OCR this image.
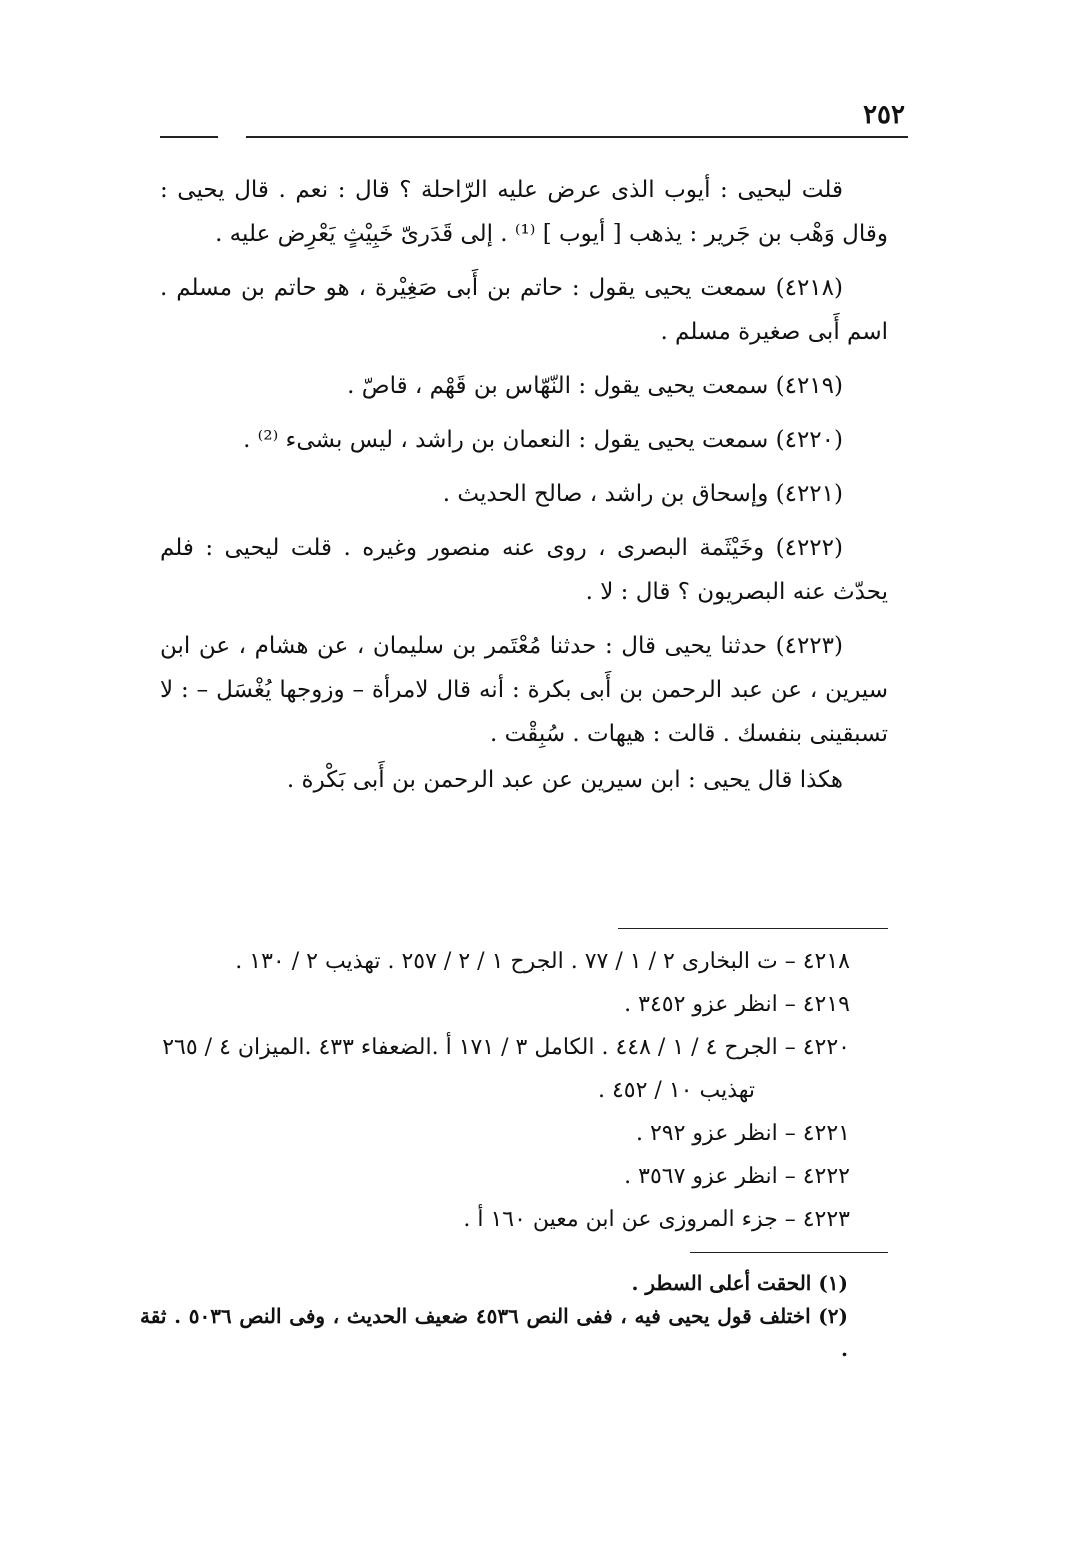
٢٥٢

قلت ليحيى : أيوب الذى عرض عليه الرّاحلة ؟ قال : نعم . قال يحيى : وقال وَهْب بن جَرير : يذهب [ أيوب ] ⁽¹⁾ . إلى قَدَرىّ خَبِيْثٍ يَعْرِض عليه .

(٤٢١٨) سمعت يحيى يقول : حاتم بن أَبى صَغِيْرة ، هو حاتم بن مسلم . اسم أَبى صغيرة مسلم .

(٤٢١٩) سمعت يحيى يقول : النّهّاس بن قَهْم ، قاصّ .

(٤٢٢٠) سمعت يحيى يقول : النعمان بن راشد ، ليس بشىء ⁽²⁾ .

(٤٢٢١) وإسحاق بن راشد ، صالح الحديث .

(٤٢٢٢) وخَيْثَمة البصرى ، روى عنه منصور وغيره . قلت ليحيى : فلم يحدّث عنه البصريون ؟ قال : لا .

(٤٢٢٣) حدثنا يحيى قال : حدثنا مُعْتَمر بن سليمان ، عن هشام ، عن ابن سيرين ، عن عبد الرحمن بن أَبى بكرة : أنه قال لامرأة – وزوجها يُغْسَل – : لا تسبقينى بنفسك . قالت : هيهات . سُبِقْت .

هكذا قال يحيى : ابن سيرين عن عبد الرحمن بن أَبى بَكْرة .

٤٢١٨ – ت البخارى ٢ / ١ / ٧٧ . الجرح ١ / ٢ / ٢٥٧ . تهذيب ٢ / ١٣٠ .
٤٢١٩ – انظر عزو ٣٤٥٢ .
٤٢٢٠ – الجرح ٤ / ١ / ٤٤٨ . الكامل ٣ / ١٧١ أ .الضعفاء ٤٣٣ .الميزان ٤ / ٢٦٥
تهذيب ١٠ / ٤٥٢ .
٤٢٢١ – انظر عزو ٢٩٢ .
٤٢٢٢ – انظر عزو ٣٥٦٧ .
٤٢٢٣ – جزء المروزى عن ابن معين ١٦٠ أ .
(١) الحقت أعلى السطر .
(٢) اختلف قول يحيى فيه ، ففى النص ٤٥٣٦ ضعيف الحديث ، وفى النص ٥٠٣٦ . ثقة .
